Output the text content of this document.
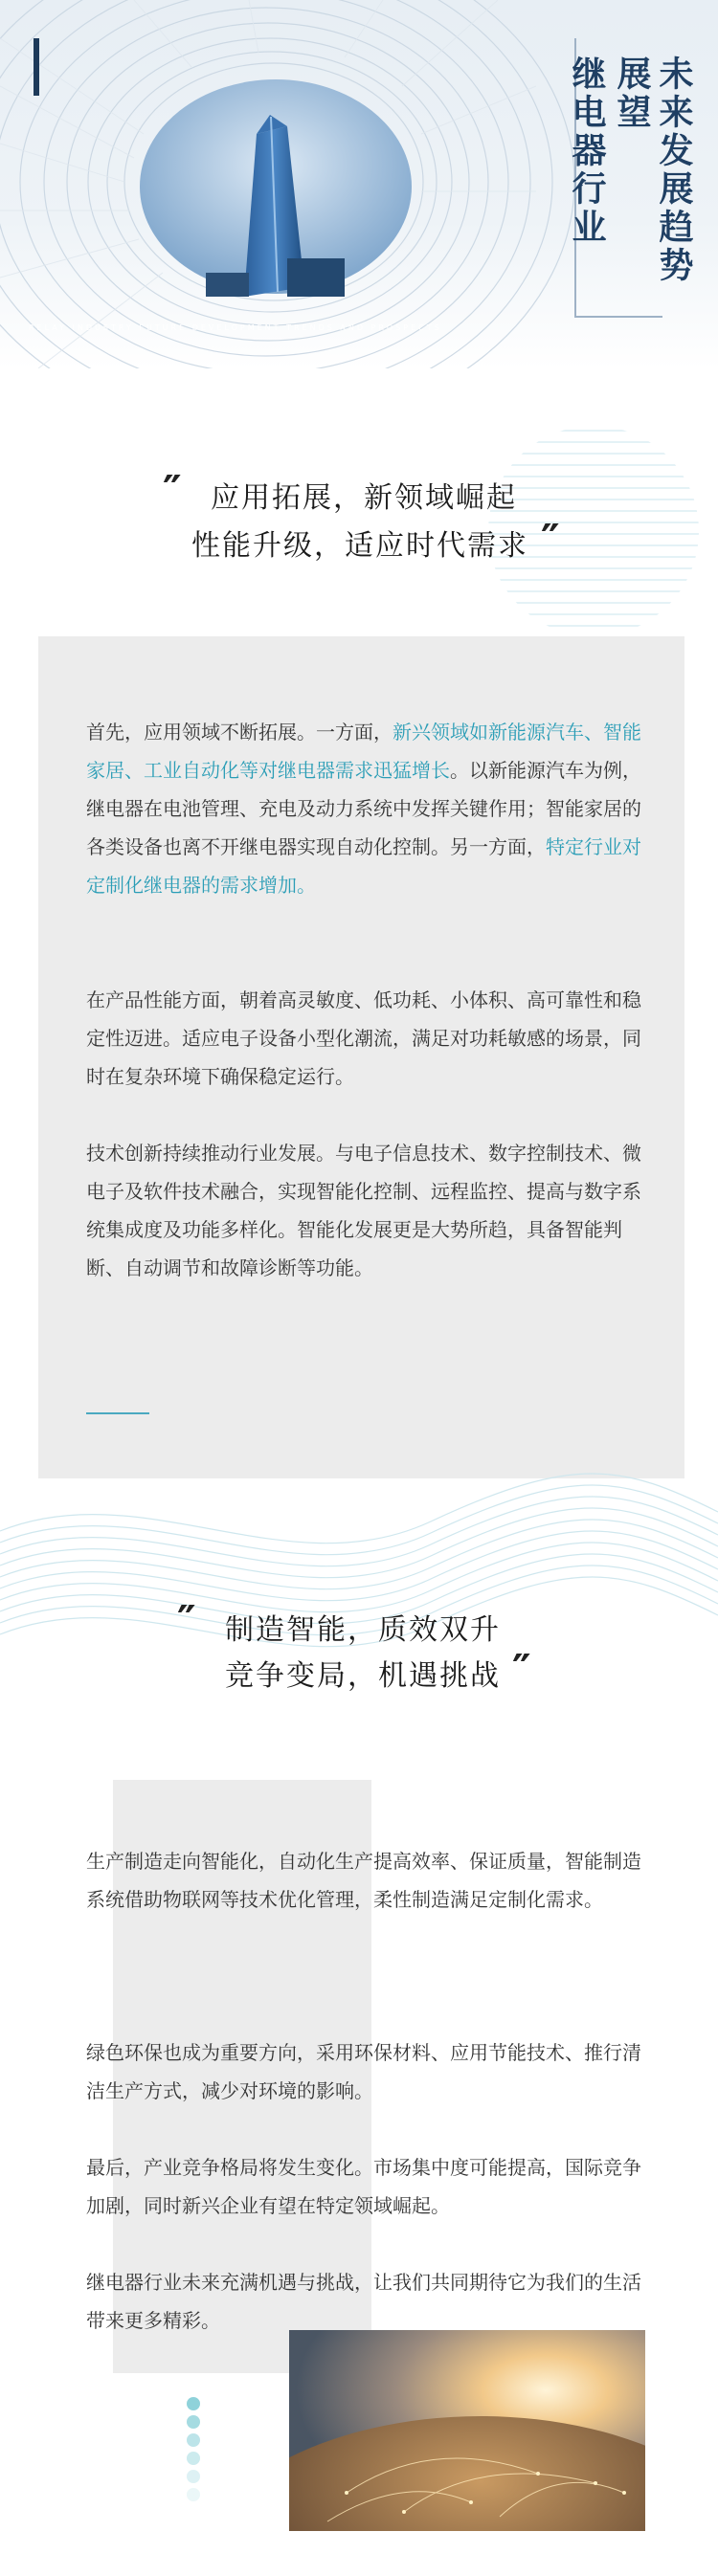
未来发展趋势展望
继电器行业
RELAY INDUSTRY FUTURE DEVELOPMENT TRENDS AND PROSPECTS
″ 应用拓展，新领域崛起
性能升级，适应时代需求 ″
首先，应用领域不断拓展。一方面，新兴领域如新能源汽车、智能家居、工业自动化等对继电器需求迅猛增长。以新能源汽车为例，继电器在电池管理、充电及动力系统中发挥关键作用；智能家居的各类设备也离不开继电器实现自动化控制。另一方面，特定行业对定制化继电器的需求增加。
在产品性能方面，朝着高灵敏度、低功耗、小体积、高可靠性和稳定性迈进。适应电子设备小型化潮流，满足对功耗敏感的场景，同时在复杂环境下确保稳定运行。
技术创新持续推动行业发展。与电子信息技术、数字控制技术、微电子及软件技术融合，实现智能化控制、远程监控、提高与数字系统集成度及功能多样化。智能化发展更是大势所趋，具备智能判断、自动调节和故障诊断等功能。
″ 制造智能，质效双升
竞争变局，机遇挑战 ″
生产制造走向智能化，自动化生产提高效率、保证质量，智能制造系统借助物联网等技术优化管理，柔性制造满足定制化需求。
绿色环保也成为重要方向，采用环保材料、应用节能技术、推行清洁生产方式，减少对环境的影响。
最后，产业竞争格局将发生变化。市场集中度可能提高，国际竞争加剧，同时新兴企业有望在特定领域崛起。
继电器行业未来充满机遇与挑战，让我们共同期待它为我们的生活带来更多精彩。
